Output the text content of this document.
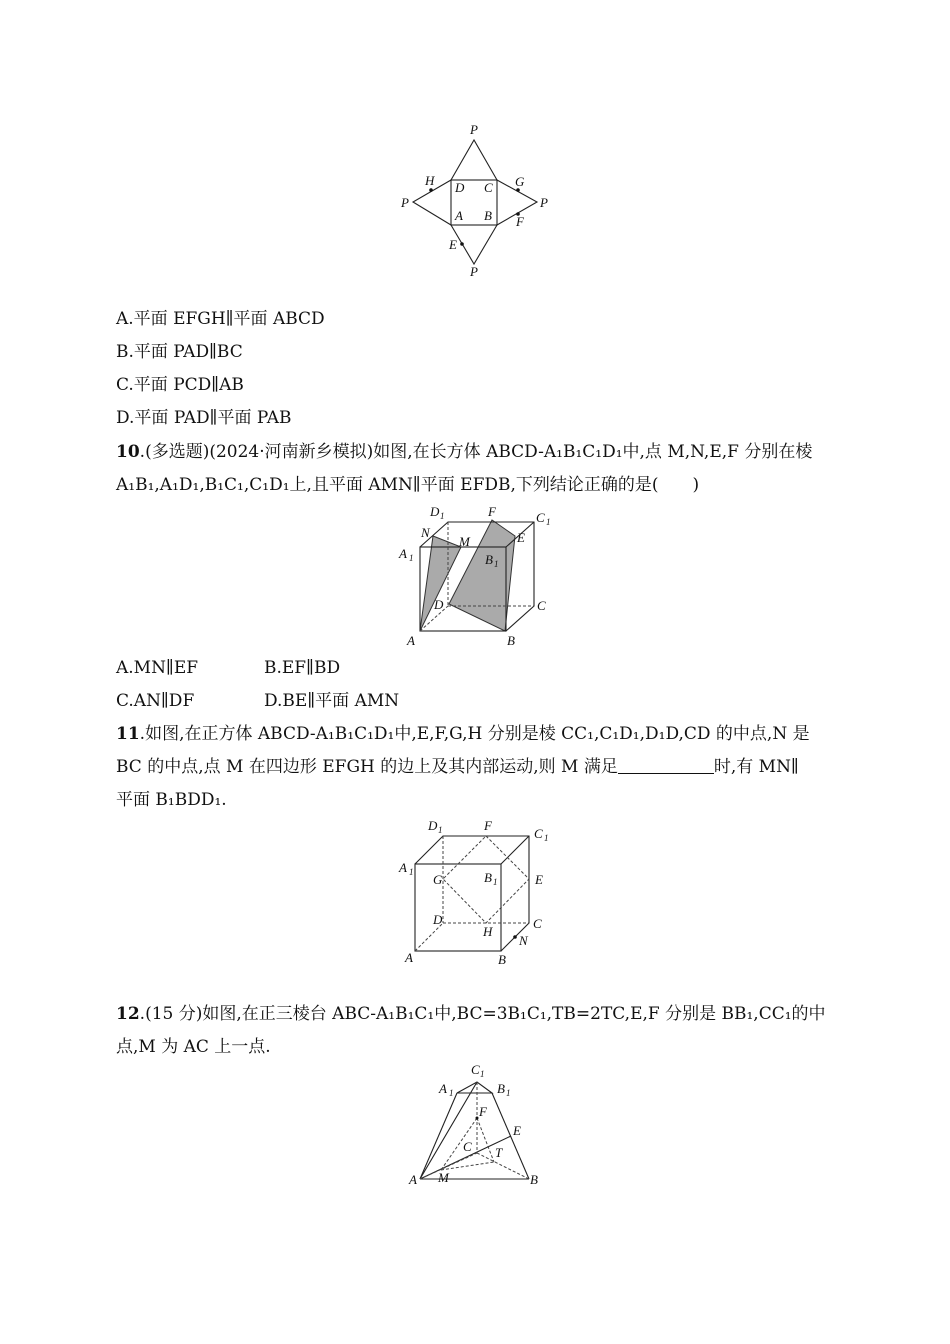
P
H D C G
P	P
A B F
E
P
A.平面 EFGH∥平面 ABCD
B.平面 PAD∥BC
C.平面 PCD∥AB
D.平面 PAD∥平面 PAB
10.(多选题)(2024·河南新乡模拟)如图,在长方体 ABCD-A₁B₁C₁D₁中,点 M,N,E,F 分别在棱
A₁B₁,A₁D₁,B₁C₁,C₁D₁上,且平面 AMN∥平面 EFDB,下列结论正确的是(　　)
D 1
N
F	C 1
E
M
A 1	B 1
D	C
A	B
A.MN∥EF	B.EF∥BD
C.AN∥DF	D.BE∥平面 AMN
11.如图,在正方体 ABCD-A₁B₁C₁D₁中,E,F,G,H 分别是棱 CC₁,C₁D₁,D₁D,CD 的中点,N 是
BC 的中点,点 M 在四边形 EFGH 的边上及其内部运动,则 M 满足	时,有 MN∥
平面 B₁BDD₁.
D 1	F
C 1
A 1 G	B 1	E
D	C
H
N
A	B
12.(15 分)如图,在正三棱台 ABC-A₁B₁C₁中,BC=3B₁C₁,TB=2TC,E,F 分别是 BB₁,CC₁的中
点,M 为 AC 上一点.
C 1
A 1	B 1
F
E
C T
A M	B
